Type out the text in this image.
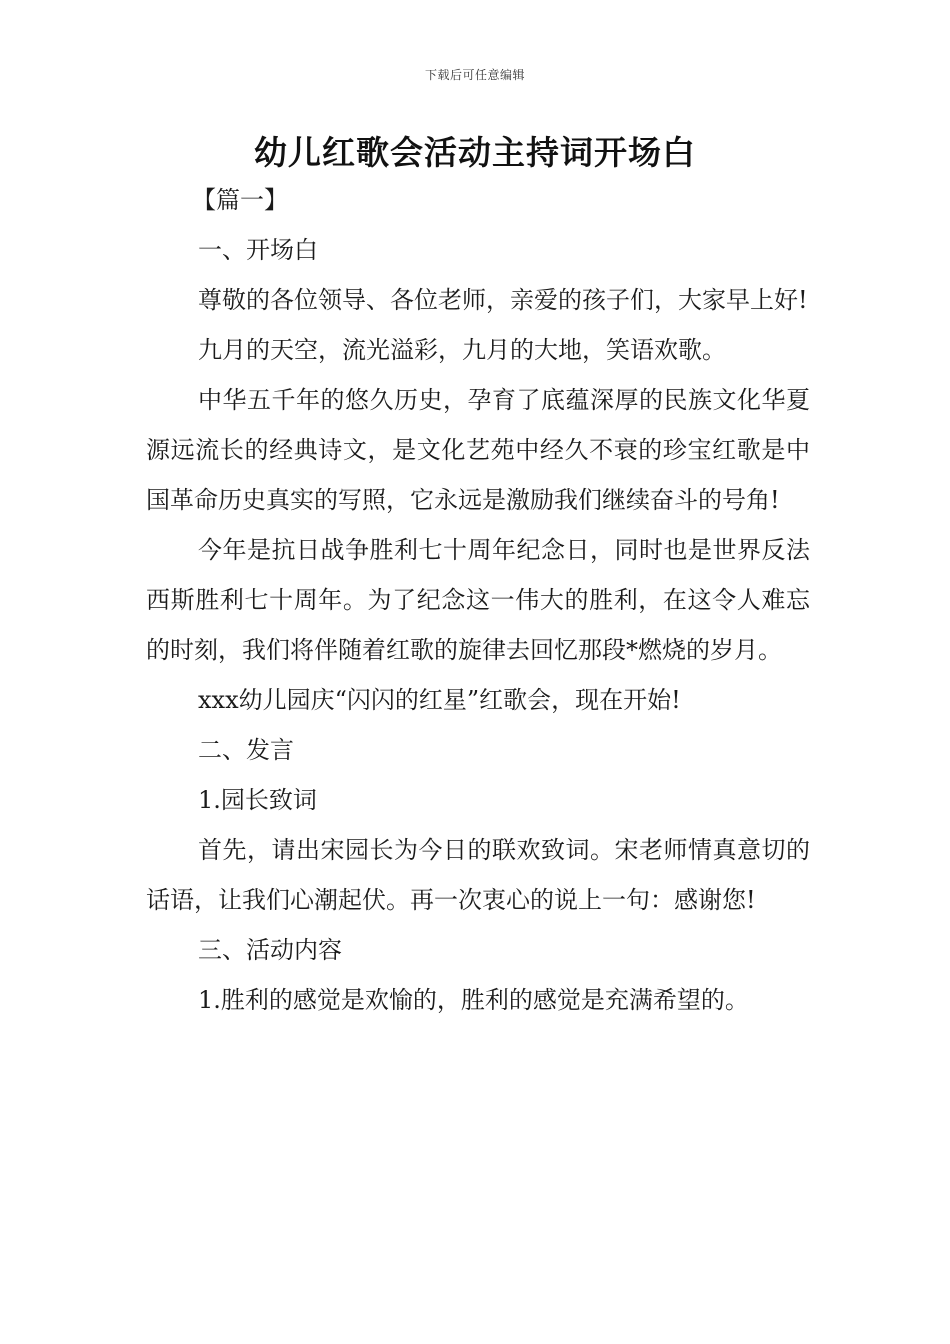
下载后可任意编辑
幼儿红歌会活动主持词开场白

【篇一】

一、开场白

尊敬的各位领导、各位老师，亲爱的孩子们，大家早上好!

九月的天空，流光溢彩，九月的大地，笑语欢歌。

中华五千年的悠久历史，孕育了底蕴深厚的民族文化华夏源远流长的经典诗文，是文化艺苑中经久不衰的珍宝红歌是中国革命历史真实的写照，它永远是激励我们继续奋斗的号角!

今年是抗日战争胜利七十周年纪念日，同时也是世界反法西斯胜利七十周年。为了纪念这一伟大的胜利，在这令人难忘的时刻，我们将伴随着红歌的旋律去回忆那段*燃烧的岁月。

xxx幼儿园庆“闪闪的红星”红歌会，现在开始!

二、发言

1.园长致词

首先，请出宋园长为今日的联欢致词。宋老师情真意切的话语，让我们心潮起伏。再一次衷心的说上一句：感谢您!

三、活动内容

1.胜利的感觉是欢愉的，胜利的感觉是充满希望的。
